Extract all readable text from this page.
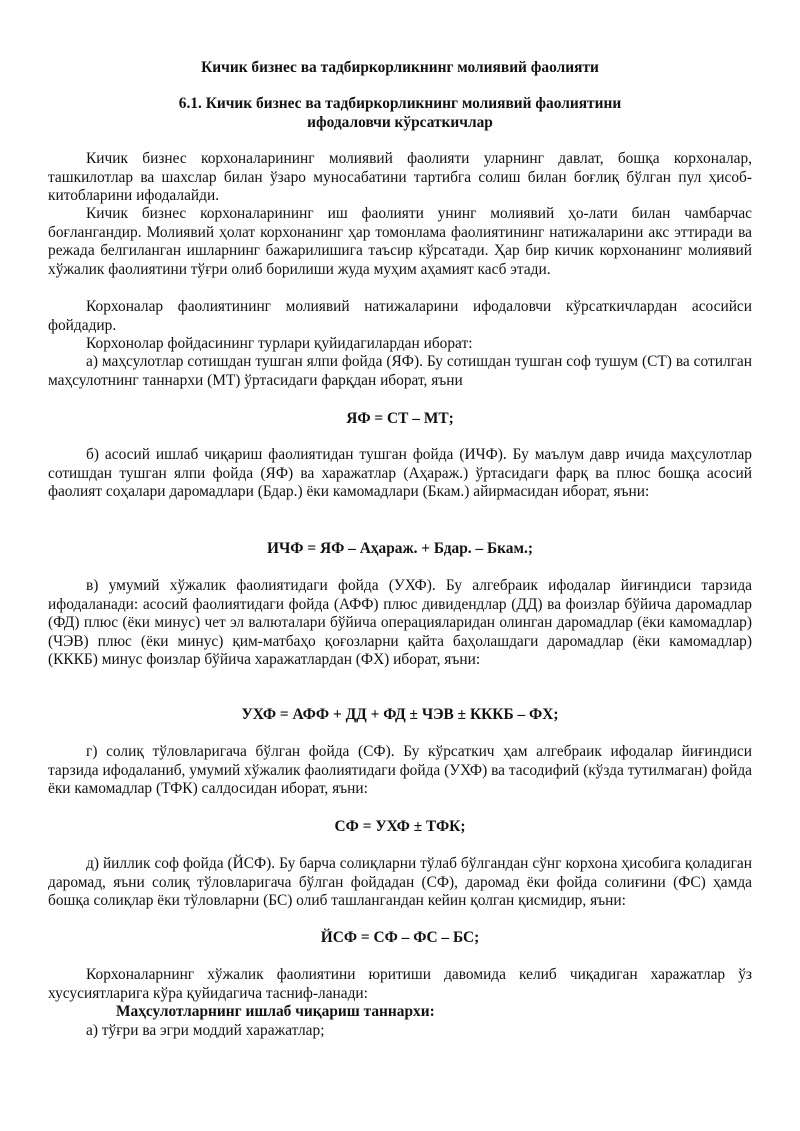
Кичик бизнес ва тадбиркорликнинг молиявий фаолияти
6.1. Кичик бизнес ва тадбиркорликнинг молиявий фаолиятини
ифодаловчи кўрсаткичлар

Кичик бизнес корхоналарининг молиявий фаолияти уларнинг давлат, бошқа корхоналар, ташкилотлар ва шахслар билан ўзаро муносабатини тартибга солиш билан боғлиқ бўлган пул ҳисоб-китобларини ифодалайди.

Кичик бизнес корхоналарининг иш фаолияти унинг молиявий ҳо-лати билан чамбарчас боғлангандир. Молиявий ҳолат корхонанинг ҳар томонлама фаолиятининг натижаларини акс эттиради ва режада белгиланган ишларнинг бажарилишига таъсир кўрсатади. Ҳар бир кичик корхонанинг молиявий хўжалик фаолиятини тўғри олиб борилиши жуда муҳим аҳамият касб этади.

Корхоналар фаолиятининг молиявий натижаларини ифодаловчи кўрсаткичлардан асосийси фойдадир.

Корхонолар фойдасининг турлари қуйидагилардан иборат:

а) маҳсулотлар сотишдан тушган ялпи фойда (ЯФ). Бу сотишдан тушган соф тушум (СТ) ва сотилган маҳсулотнинг таннархи (МТ) ўртасидаги фарқдан иборат, яъни

ЯФ = СТ – МТ;

б) асосий ишлаб чиқариш фаолиятидан тушган фойда (ИЧФ). Бу маълум давр ичида маҳсулотлар сотишдан тушган ялпи фойда (ЯФ) ва харажатлар (Аҳараж.) ўртасидаги фарқ ва плюс бошқа асосий фаолият соҳалари даромадлари (Бдар.) ёки камомадлари (Бкам.) айирмасидан иборат, яъни:

ИЧФ = ЯФ – Аҳараж. + Бдар. – Бкам.;

в) умумий хўжалик фаолиятидаги фойда (УХФ). Бу алгебраик ифодалар йиғиндиси тарзида ифодаланади: асосий фаолиятидаги фойда (АФФ) плюс дивидендлар (ДД) ва фоизлар бўйича даромадлар (ФД) плюс (ёки минус) чет эл валюталари бўйича операцияларидан олинган даромадлар (ёки камомадлар) (ЧЭВ) плюс (ёки минус) қим-матбаҳо қоғозларни қайта баҳолашдаги даромадлар (ёки камомадлар) (КККБ) минус фоизлар бўйича харажатлардан (ФХ) иборат, яъни:

УХФ = АФФ + ДД + ФД ± ЧЭВ ± КККБ – ФХ;

г) солиқ тўловларигача бўлган фойда (СФ). Бу кўрсаткич ҳам алгебраик ифодалар йиғиндиси тарзида ифодаланиб, умумий хўжалик фаолиятидаги фойда (УХФ) ва тасодифий (кўзда тутилмаган) фойда ёки камомадлар (ТФК) салдосидан иборат, яъни:

СФ = УХФ ± ТФК;

д) йиллик соф фойда (ЙСФ). Бу барча солиқларни тўлаб бўлгандан сўнг корхона ҳисобига қоладиган даромад, яъни солиқ тўловларигача бўлган фойдадан (СФ), даромад ёки фойда солиғини (ФС) ҳамда бошқа солиқлар ёки тўловларни (БС) олиб ташлангандан кейин қолган қисмидир, яъни:

ЙСФ = СФ – ФС – БС;

Корхоналарнинг хўжалик фаолиятини юритиши давомида келиб чиқадиган харажатлар ўз хусусиятларига кўра қуйидагича тасниф-ланади:

Маҳсулотларнинг ишлаб чиқариш таннархи:

а) тўғри ва эгри моддий харажатлар;
